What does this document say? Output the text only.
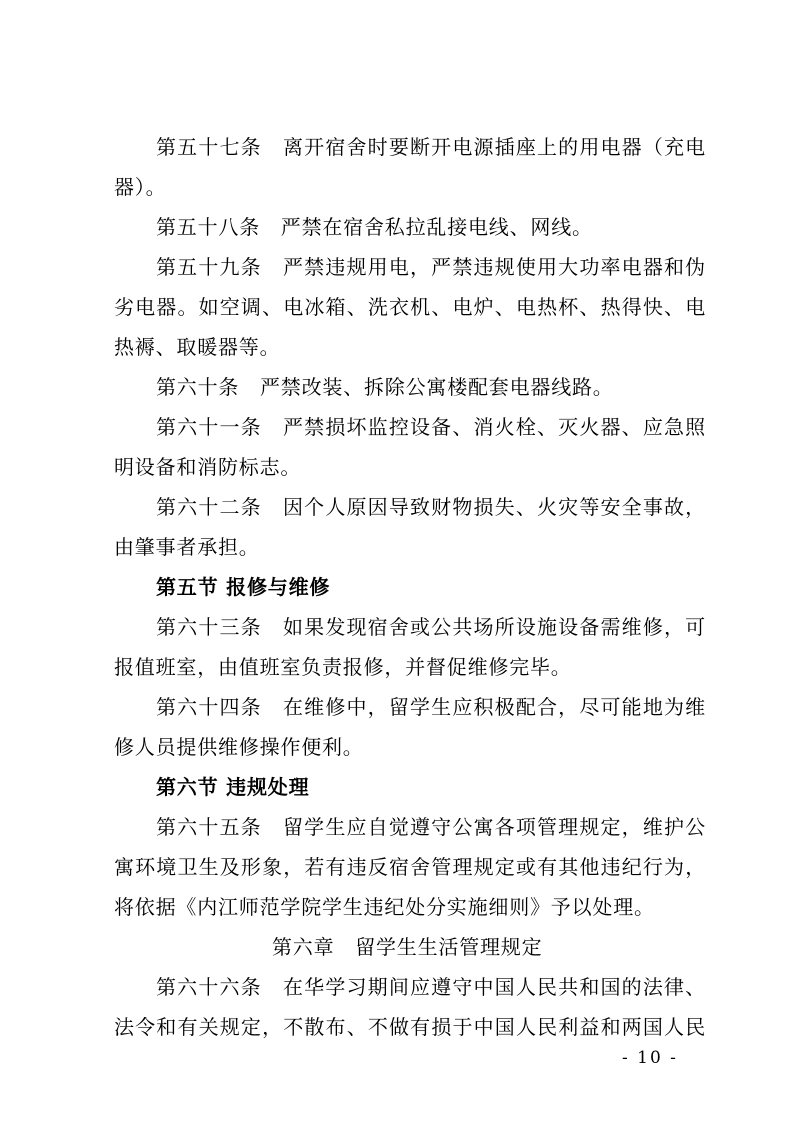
第五十七条　离开宿舍时要断开电源插座上的用电器（充电
器）。
第五十八条　严禁在宿舍私拉乱接电线、网线。
第五十九条　严禁违规用电，严禁违规使用大功率电器和伪
劣电器。如空调、电冰箱、洗衣机、电炉、电热杯、热得快、电
热褥、取暖器等。
第六十条　严禁改装、拆除公寓楼配套电器线路。
第六十一条　严禁损坏监控设备、消火栓、灭火器、应急照
明设备和消防标志。
第六十二条　因个人原因导致财物损失、火灾等安全事故，
由肇事者承担。
第五节 报修与维修
第六十三条　如果发现宿舍或公共场所设施设备需维修，可
报值班室，由值班室负责报修，并督促维修完毕。
第六十四条　在维修中，留学生应积极配合，尽可能地为维
修人员提供维修操作便利。
第六节 违规处理
第六十五条　留学生应自觉遵守公寓各项管理规定，维护公
寓环境卫生及形象，若有违反宿舍管理规定或有其他违纪行为，
将依据《内江师范学院学生违纪处分实施细则》予以处理。
第六章　留学生生活管理规定
第六十六条　在华学习期间应遵守中国人民共和国的法律、
法令和有关规定，不散布、不做有损于中国人民利益和两国人民
- 10 -
